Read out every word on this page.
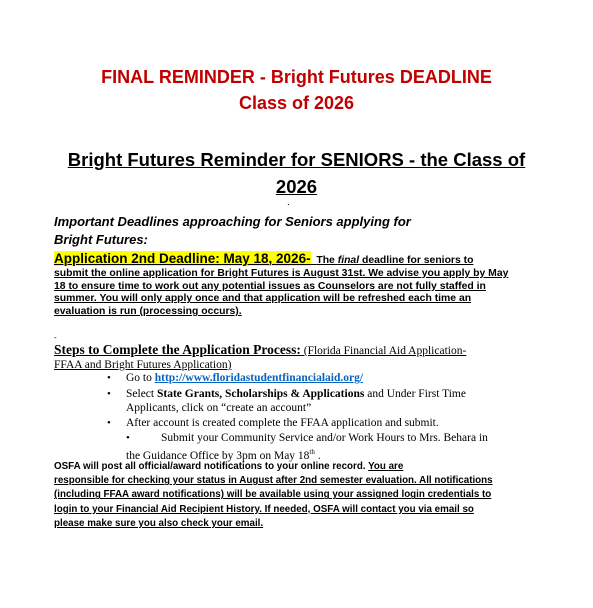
FINAL REMINDER - Bright Futures DEADLINE
Class of 2026
Bright Futures Reminder for SENIORS - the Class of
2026
.
Important Deadlines approaching for Seniors applying for
Bright Futures:
Application 2nd Deadline: May 18, 2026- The final deadline for seniors to
submit the online application for Bright Futures is August 31st. We advise you apply by May
18 to ensure time to work out any potential issues as Counselors are not fully staffed in
summer. You will only apply once and that application will be refreshed each time an
evaluation is run (processing occurs).
-
Steps to Complete the Application Process: (Florida Financial Aid Application-
FFAA and Bright Futures Application)
• Go to http://www.floridastudentfinancialaid.org/
• Select State Grants, Scholarships & Applications and Under First Time
Applicants, click on “create an account”
• After account is created complete the FFAA application and submit.
•	Submit your Community Service and/or Work Hours to Mrs. Behara in
the Guidance Office by 3pm on May 18th .
OSFA will post all official/award notifications to your online record. You are
responsible for checking your status in August after 2nd semester evaluation. All notifications
(including FFAA award notifications) will be available using your assigned login credentials to
login to your Financial Aid Recipient History. If needed, OSFA will contact you via email so
please make sure you also check your email.
